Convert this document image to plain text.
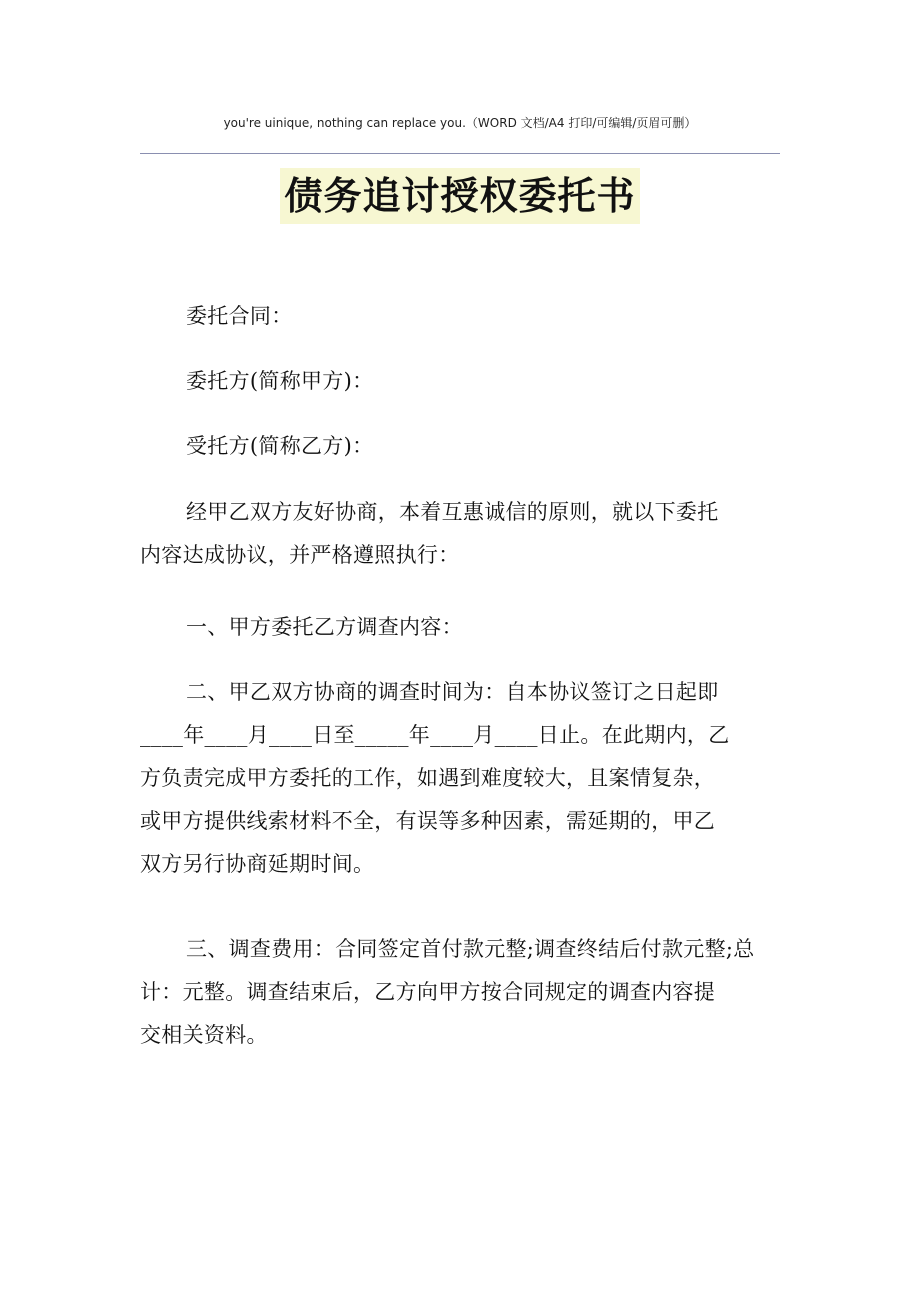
you're uinique, nothing can replace you.（WORD 文档/A4 打印/可编辑/页眉可删）
债务追讨授权委托书
委托合同：
委托方(简称甲方)：
受托方(简称乙方)：
经甲乙双方友好协商，本着互惠诚信的原则，就以下委托
内容达成协议，并严格遵照执行：
一、甲方委托乙方调查内容：
二、甲乙双方协商的调查时间为：自本协议签订之日起即
____年____月____日至_____年____月____日止。在此期内，乙
方负责完成甲方委托的工作，如遇到难度较大，且案情复杂，
或甲方提供线索材料不全，有误等多种因素，需延期的，甲乙
双方另行协商延期时间。
三、调查费用：合同签定首付款元整;调查终结后付款元整;总
计：元整。调查结束后，乙方向甲方按合同规定的调查内容提
交相关资料。
